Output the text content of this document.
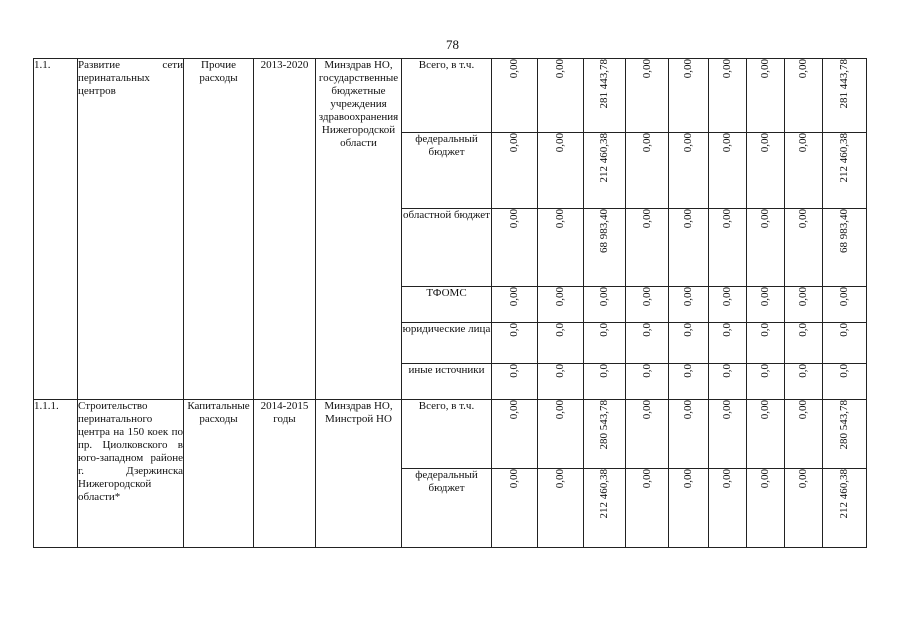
78
1.1.	Развитие сети перинатальных центров	Прочие расходы	2013-2020	Минздрав НО, государственные бюджетные учреждения здравоохранения Нижегородской области	Всего, в т.ч.	0,00	0,00	281 443,78	0,00	0,00	0,00	0,00	0,00	281 443,78
					федеральный бюджет	0,00	0,00	212 460,38	0,00	0,00	0,00	0,00	0,00	212 460,38
					областной бюджет	0,00	0,00	68 983,40	0,00	0,00	0,00	0,00	0,00	68 983,40
					ТФОМС	0,00	0,00	0,00	0,00	0,00	0,00	0,00	0,00	0,00
					юридические лица	0,0	0,0	0,0	0,0	0,0	0,0	0,0	0,0	0,0
					иные источники	0,0	0,0	0,0	0,0	0,0	0,0	0,0	0,0	0,0
1.1.1.	Строительство перинатального центра на 150 коек по пр. Циолковского в юго-западном районе г. Дзержинска Нижегородской области*	Капитальные расходы	2014-2015 годы	Минздрав НО, Минстрой НО	Всего, в т.ч.	0,00	0,00	280 543,78	0,00	0,00	0,00	0,00	0,00	280 543,78
					федеральный бюджет	0,00	0,00	212 460,38	0,00	0,00	0,00	0,00	0,00	212 460,38
